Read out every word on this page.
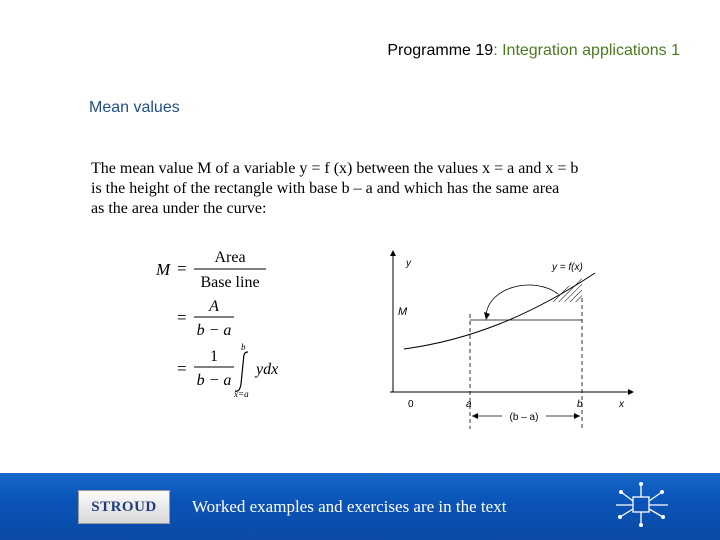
Programme 19: Integration applications 1
Mean values

The mean value M of a variable y = f (x) between the values x = a and x = b

is the height of the rectangle with base b – a and which has the same area

as the area under the curve:

M =
Area
Base line
=
A
b − a
=
1
b − a
b
x=a
ydx
y	y = f(x)
M
0	a	b	x
(b – a)
STROUD	Worked examples and exercises are in the text
